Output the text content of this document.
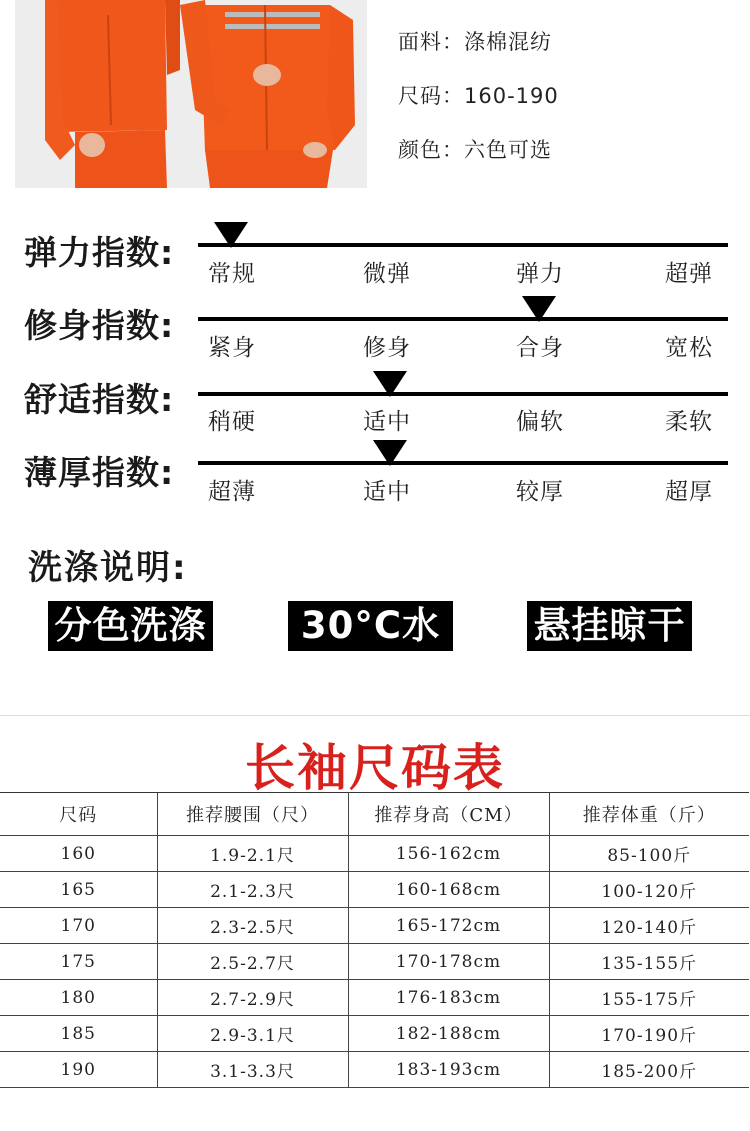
面料：涤棉混纺
尺码：160-190
颜色：六色可选
弹力指数:
常规	微弹	弹力	超弹
修身指数:
紧身	修身	合身	宽松
舒适指数:
稍硬	适中	偏软	柔软
薄厚指数: 超薄	适中	较厚	超厚
洗涤说明:
分色洗涤	30°C水温
悬挂晾干
长袖尺码表
尺码	推荐腰围（尺）	推荐身高（CM）	推荐体重（斤）
160	1.9-2.1尺	156-162cm	85-100斤
165	2.1-2.3尺	160-168cm	100-120斤
170	2.3-2.5尺	165-172cm	120-140斤
175	2.5-2.7尺	170-178cm	135-155斤
180	2.7-2.9尺	176-183cm	155-175斤
185	2.9-3.1尺	182-188cm	170-190斤
190	3.1-3.3尺	183-193cm	185-200斤
